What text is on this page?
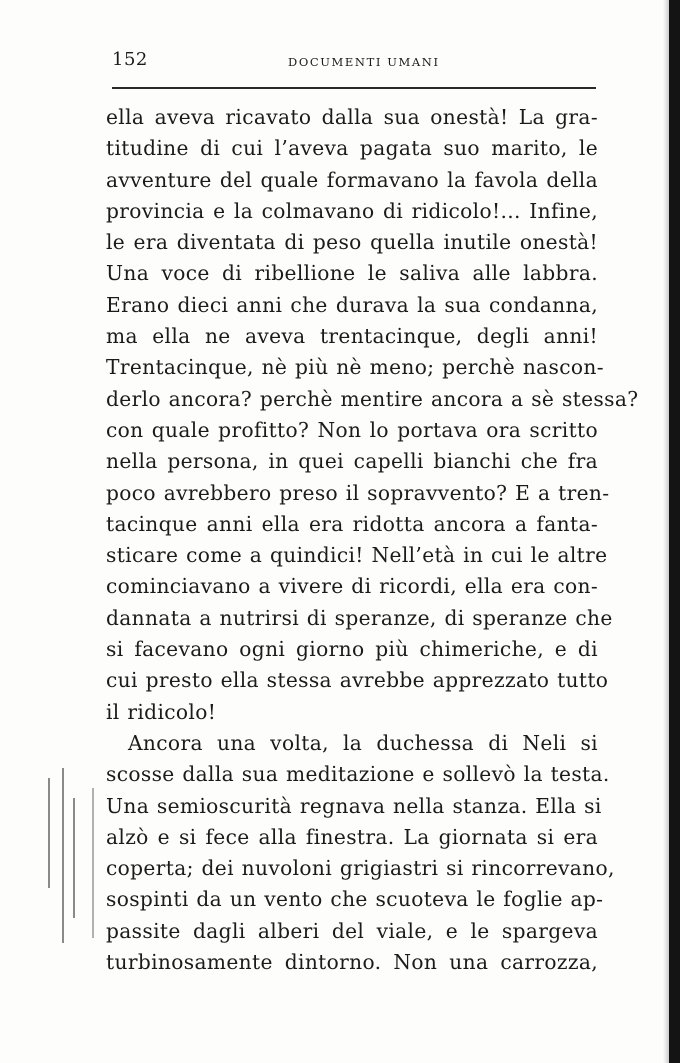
152	DOCUMENTI UMANI
ella aveva ricavato dalla sua onestà! La gra-
titudine di cui l’aveva pagata suo marito, le
avventure del quale formavano la favola della
provincia e la colmavano di ridicolo!... Infine,
le era diventata di peso quella inutile onestà!
Una voce di ribellione le saliva alle labbra.
Erano dieci anni che durava la sua condanna,
ma ella ne aveva trentacinque, degli anni!
Trentacinque, nè più nè meno; perchè nascon-
derlo ancora? perchè mentire ancora a sè stessa?
con quale profitto? Non lo portava ora scritto
nella persona, in quei capelli bianchi che fra
poco avrebbero preso il sopravvento? E a tren-
tacinque anni ella era ridotta ancora a fanta-
sticare come a quindici! Nell’età in cui le altre
cominciavano a vivere di ricordi, ella era con-
dannata a nutrirsi di speranze, di speranze che
si facevano ogni giorno più chimeriche, e di
cui presto ella stessa avrebbe apprezzato tutto
il ridicolo!
Ancora una volta, la duchessa di Neli si
scosse dalla sua meditazione e sollevò la testa.
Una semioscurità regnava nella stanza. Ella si
alzò e si fece alla finestra. La giornata si era
coperta; dei nuvoloni grigiastri si rincorrevano,
sospinti da un vento che scuoteva le foglie ap-
passite dagli alberi del viale, e le spargeva
turbinosamente dintorno. Non una carrozza,
